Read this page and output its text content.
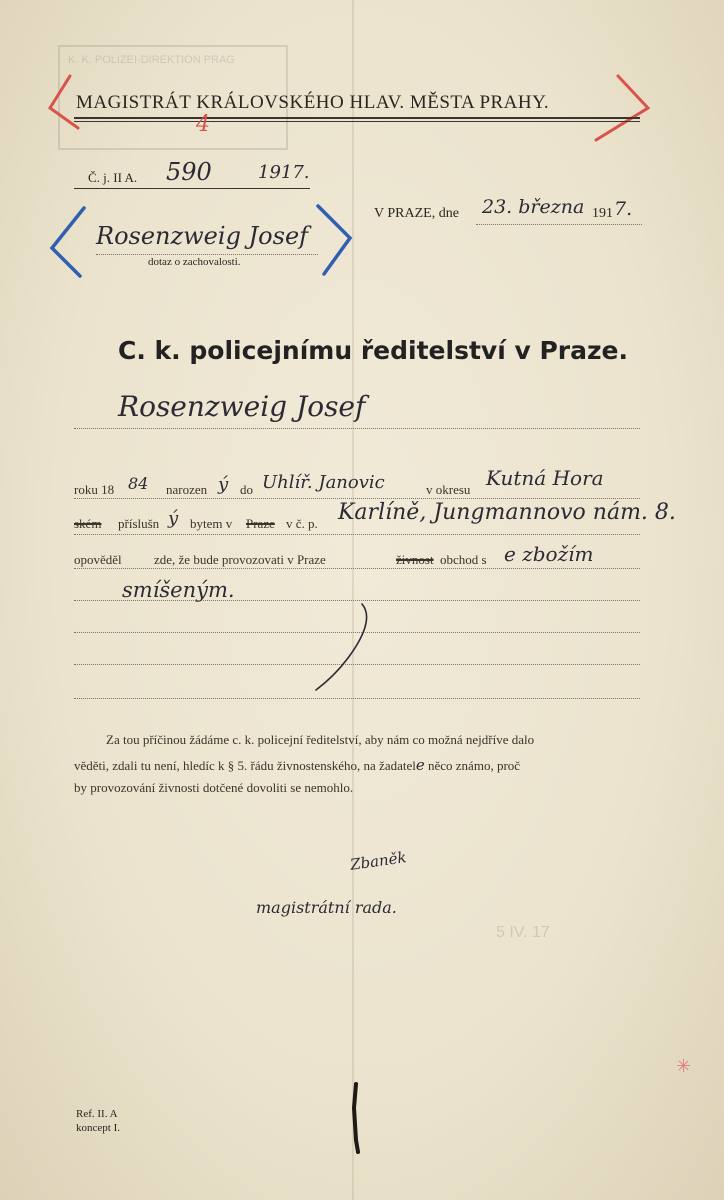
K. K. POLIZEI-DIREKTION PRAG
MAGISTRÁT KRÁLOVSKÉHO HLAV. MĚSTA PRAHY.
4
Č. j. II A. 590	1917.
V PRAZE, dne 23. března 191 7.
Rosenzweig Josef
dotaz o zachovalosti.
C. k. policejnímu ředitelství v Praze.
Rosenzweig Josef
roku 18 84 narozen ý do Uhlíř. Janovic	v okresu Kutná Hora
ském příslušn ý bytem v Praze v č. p. Karlíně, Jungmannovo nám. 8.
opověděl zde, že bude provozovati v Praze	živnost obchod s e zbožím
smíšeným.
Za tou příčinou žádáme c. k. policejní ředitelství, aby nám co možná nejdříve dalo
věděti, zdali tu není, hledíc k § 5. řádu živnostenského, na žadatele něco známo, proč
by provozování živnosti dotčené dovoliti se nemohlo.
Zbaněk
magistrátní rada.
5 IV. 17
Ref. II. A
koncept I.
✳
